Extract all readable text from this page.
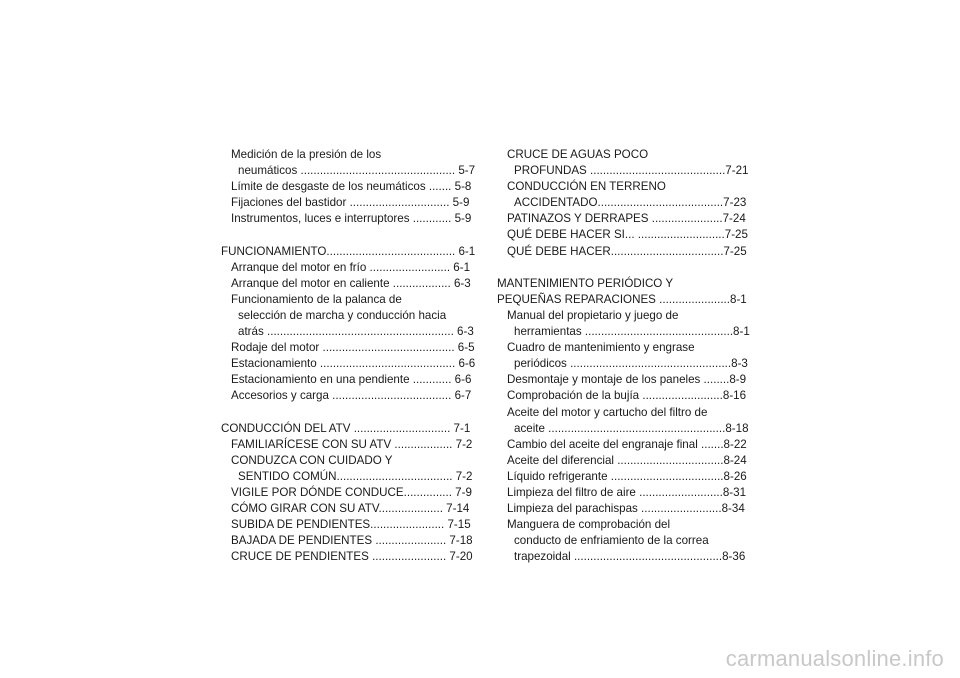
Medición de la presión de los
neumáticos ................................................ 5-7
Límite de desgaste de los neumáticos ....... 5-8
Fijaciones del bastidor ............................... 5-9
Instrumentos, luces e interruptores ............ 5-9
FUNCIONAMIENTO........................................ 6-1
Arranque del motor en frío ......................... 6-1
Arranque del motor en caliente .................. 6-3
Funcionamiento de la palanca de
selección de marcha y conducción hacia
atrás .......................................................... 6-3
Rodaje del motor ......................................... 6-5
Estacionamiento .......................................... 6-6
Estacionamiento en una pendiente ............ 6-6
Accesorios y carga ..................................... 6-7
CONDUCCIÓN DEL ATV .............................. 7-1
FAMILIARÍCESE CON SU ATV .................. 7-2
CONDUZCA CON CUIDADO Y
SENTIDO COMÚN.................................... 7-2
VIGILE POR DÓNDE CONDUCE............... 7-9
CÓMO GIRAR CON SU ATV.................... 7-14
SUBIDA DE PENDIENTES....................... 7-15
BAJADA DE PENDIENTES ...................... 7-18
CRUCE DE PENDIENTES ....................... 7-20
CRUCE DE AGUAS POCO
PROFUNDAS ..........................................7-21
CONDUCCIÓN EN TERRENO
ACCIDENTADO.......................................7-23
PATINAZOS Y DERRAPES ......................7-24
QUÉ DEBE HACER SI... ...........................7-25
QUÉ DEBE HACER...................................7-25
MANTENIMIENTO PERIÓDICO Y
PEQUEÑAS REPARACIONES ......................8-1
Manual del propietario y juego de
herramientas ..............................................8-1
Cuadro de mantenimiento y engrase
periódicos ..................................................8-3
Desmontaje y montaje de los paneles ........8-9
Comprobación de la bujía .........................8-16
Aceite del motor y cartucho del filtro de
aceite .......................................................8-18
Cambio del aceite del engranaje final .......8-22
Aceite del diferencial .................................8-24
Líquido refrigerante ...................................8-26
Limpieza del filtro de aire ..........................8-31
Limpieza del parachispas .........................8-34
Manguera de comprobación del
conducto de enfriamiento de la correa
trapezoidal ..............................................8-36
carmanualsonline.info
